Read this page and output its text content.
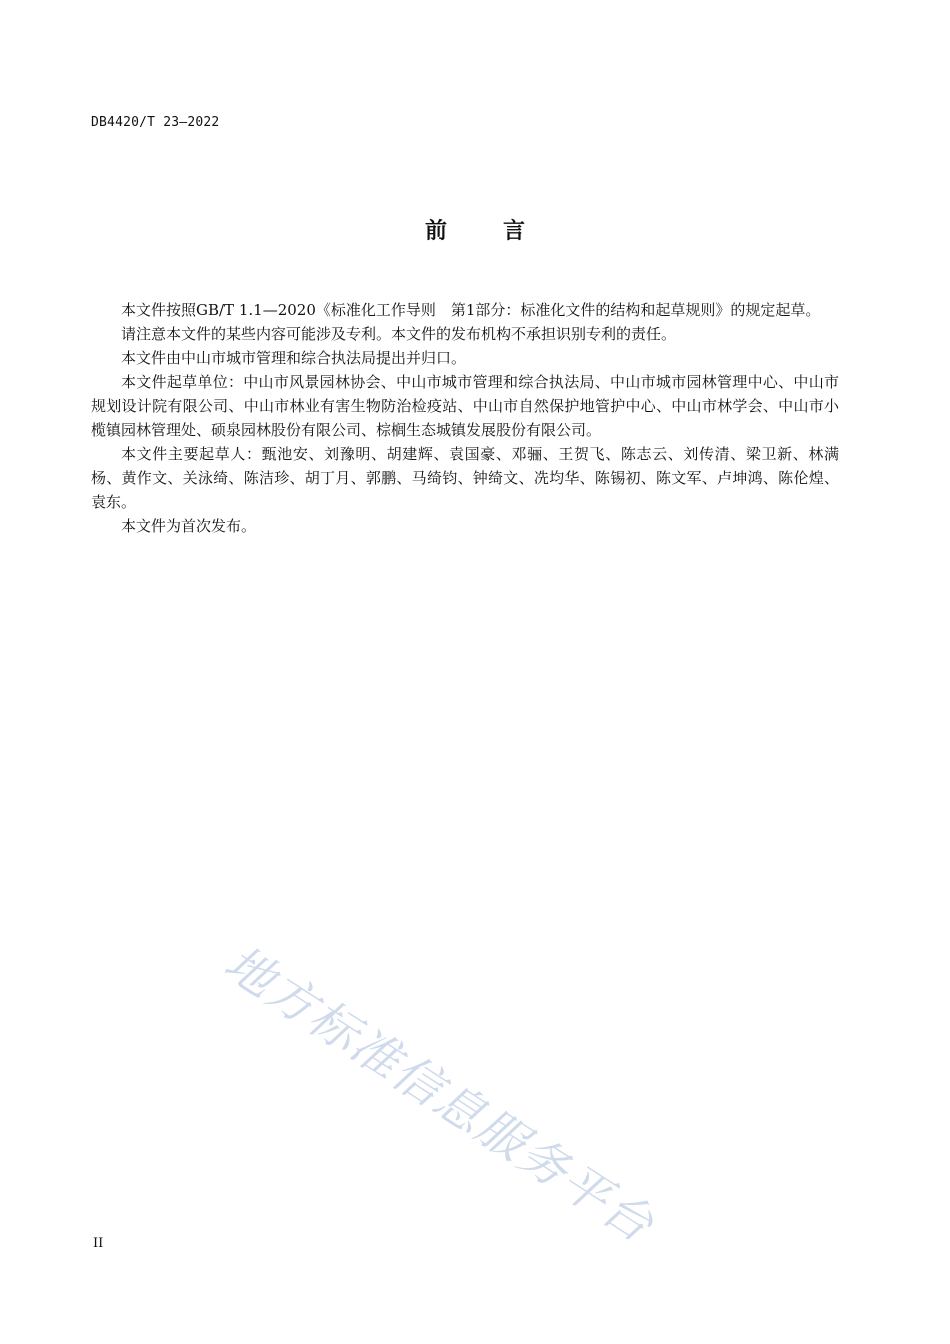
DB4420/T 23—2022
前	言

本文件按照GB/T 1.1—2020《标准化工作导则　第1部分：标准化文件的结构和起草规则》的规定起草。

请注意本文件的某些内容可能涉及专利。本文件的发布机构不承担识别专利的责任。

本文件由中山市城市管理和综合执法局提出并归口。

本文件起草单位：中山市风景园林协会、中山市城市管理和综合执法局、中山市城市园林管理中心、中山市规划设计院有限公司、中山市林业有害生物防治检疫站、中山市自然保护地管护中心、中山市林学会、中山市小榄镇园林管理处、硕泉园林股份有限公司、棕榈生态城镇发展股份有限公司。

本文件主要起草人：甄池安、刘豫明、胡建辉、袁国豪、邓骊、王贺飞、陈志云、刘传清、梁卫新、林满杨、黄作文、关泳绮、陈洁珍、胡丁月、郭鹏、马绮钧、钟绮文、冼均华、陈锡初、陈文军、卢坤鸿、陈伦煌、袁东。

本文件为首次发布。

地方标准信息服务平台
II
